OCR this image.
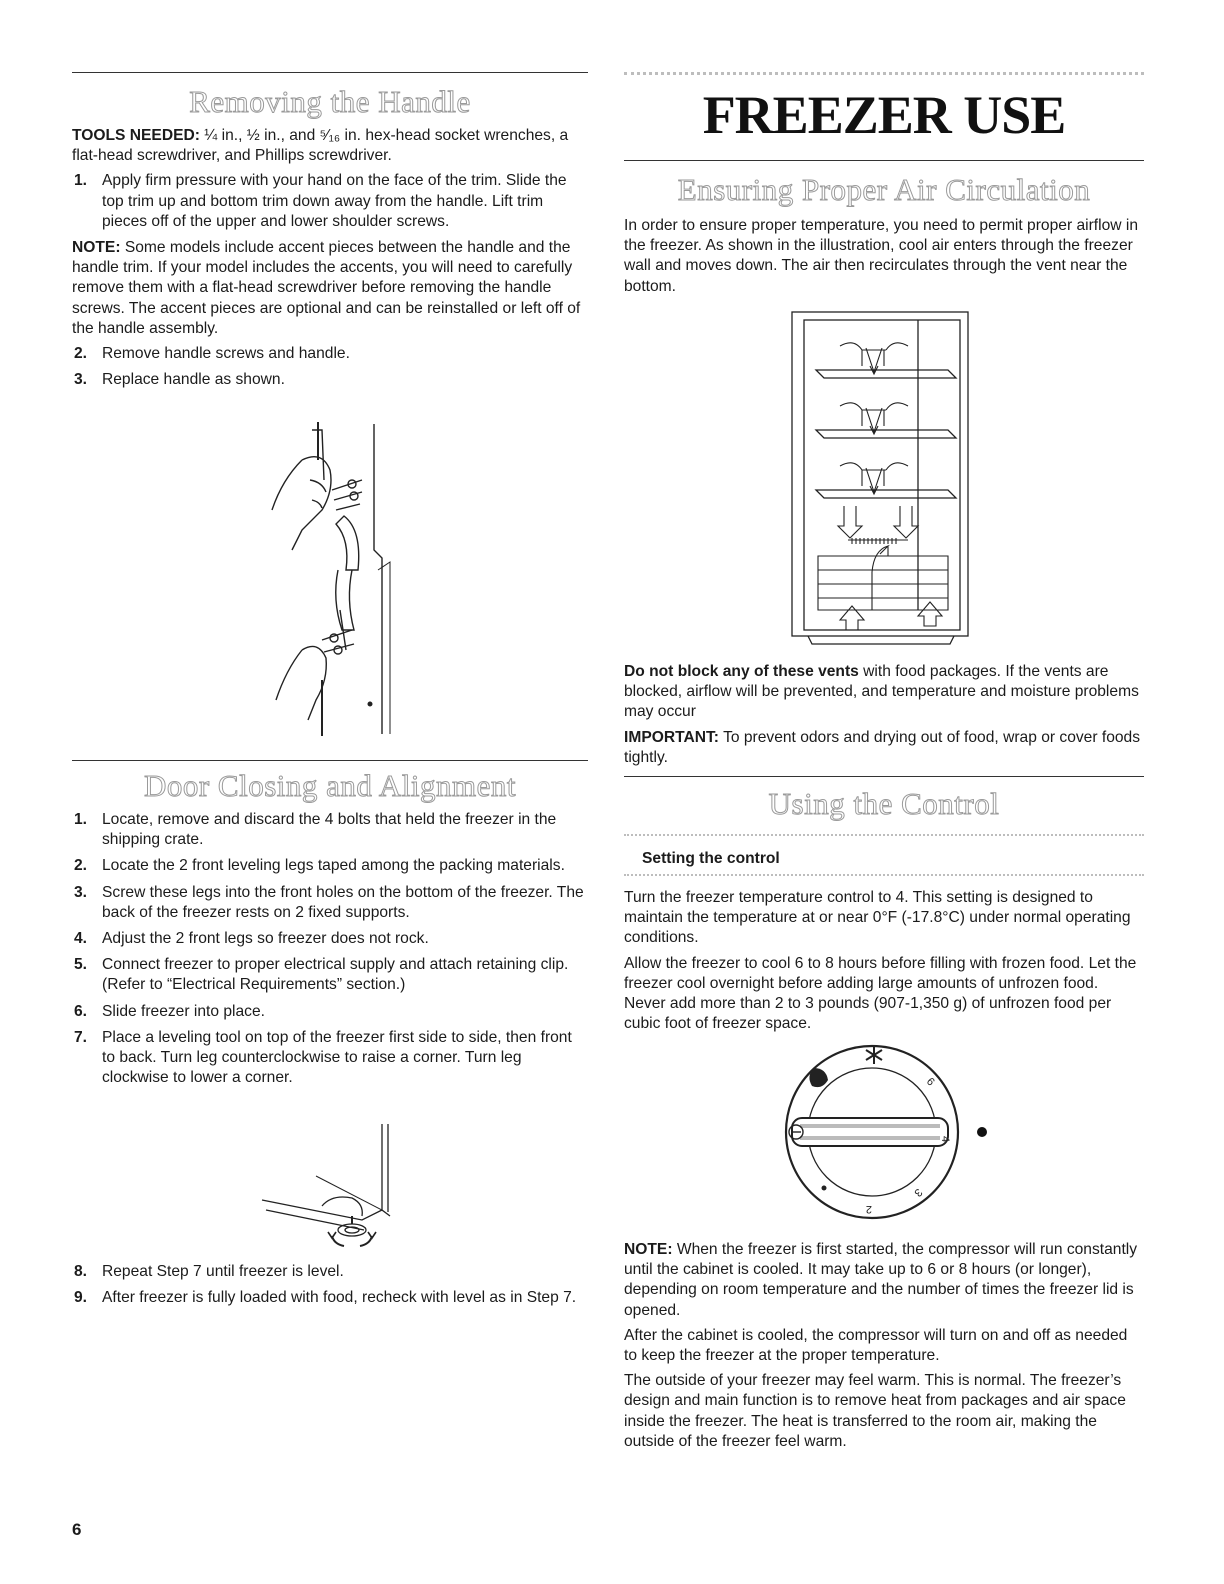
Removing the Handle

TOOLS NEEDED: ¼ in., ½ in., and ⁵⁄₁₆ in. hex-head socket wrenches, a flat-head screwdriver, and Phillips screwdriver.

1. Apply firm pressure with your hand on the face of the trim. Slide the top trim up and bottom trim down away from the handle. Lift trim pieces off of the upper and lower shoulder screws.

NOTE: Some models include accent pieces between the handle and the handle trim. If your model includes the accents, you will need to carefully remove them with a flat-head screwdriver before removing the handle screws. The accent pieces are optional and can be reinstalled or left off of the handle assembly.

2. Remove handle screws and handle.
3. Replace handle as shown.
Door Closing and Alignment
1. Locate, remove and discard the 4 bolts that held the freezer in the shipping crate.
2. Locate the 2 front leveling legs taped among the packing materials.
3. Screw these legs into the front holes on the bottom of the freezer. The back of the freezer rests on 2 fixed supports.
4. Adjust the 2 front legs so freezer does not rock.
5. Connect freezer to proper electrical supply and attach retaining clip. (Refer to “Electrical Requirements” section.)
6. Slide freezer into place.
7. Place a leveling tool on top of the freezer first side to side, then front to back. Turn leg counterclockwise to raise a corner. Turn leg clockwise to lower a corner.
8. Repeat Step 7 until freezer is level.
9. After freezer is fully loaded with food, recheck with level as in Step 7.
6
FREEZER USE
Ensuring Proper Air Circulation
In order to ensure proper temperature, you need to permit proper airflow in the freezer. As shown in the illustration, cool air enters through the freezer wall and moves down. The air then recirculates through the vent near the bottom.

Do not block any of these vents with food packages. If the vents are blocked, airflow will be prevented, and temperature and moisture problems may occur

IMPORTANT: To prevent odors and drying out of food, wrap or cover foods tightly.

Using the Control
Setting the control

Turn the freezer temperature control to 4. This setting is designed to maintain the temperature at or near 0°F (-17.8°C) under normal operating conditions.

Allow the freezer to cool 6 to 8 hours before filling with frozen food. Let the freezer cool overnight before adding large amounts of unfrozen food. Never add more than 2 to 3 pounds (907-1,350 g) of unfrozen food per cubic foot of freezer space.

6
4
3
2

NOTE: When the freezer is first started, the compressor will run constantly until the cabinet is cooled. It may take up to 6 or 8 hours (or longer), depending on room temperature and the number of times the freezer lid is opened.

After the cabinet is cooled, the compressor will turn on and off as needed to keep the freezer at the proper temperature.

The outside of your freezer may feel warm. This is normal. The freezer’s design and main function is to remove heat from packages and air space inside the freezer. The heat is transferred to the room air, making the outside of the freezer feel warm.
